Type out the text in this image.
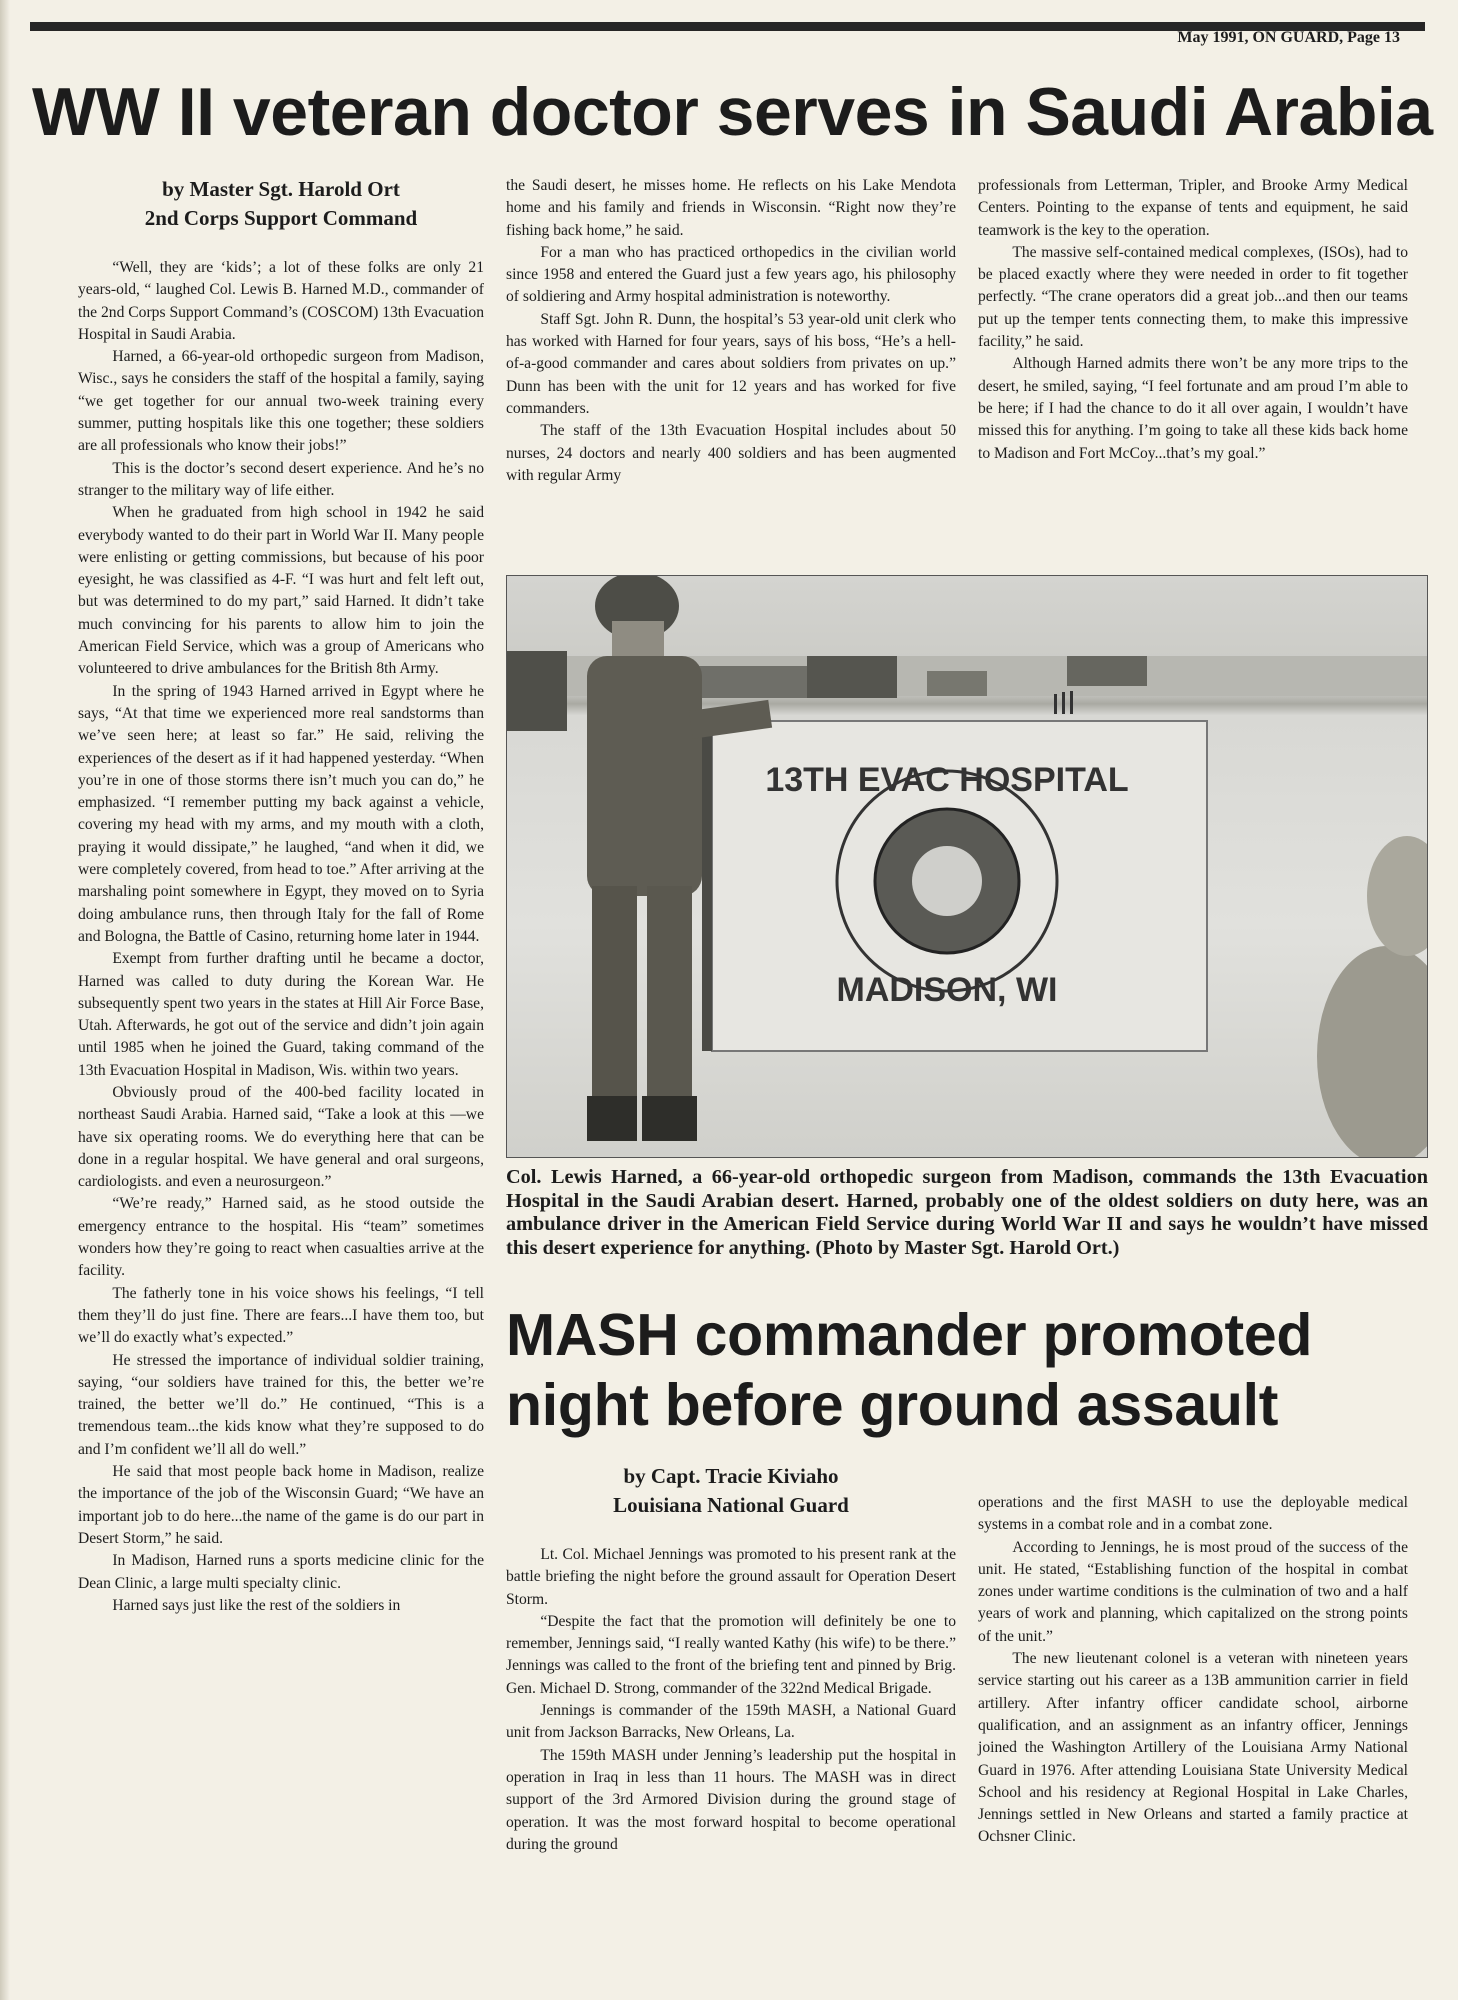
May 1991, ON GUARD, Page 13
WW II veteran doctor serves in Saudi Arabia
by Master Sgt. Harold Ort
2nd Corps Support Command

“Well, they are ‘kids’; a lot of these folks are only 21 years-old, “ laughed Col. Lewis B. Harned M.D., commander of the 2nd Corps Support Command’s (COSCOM) 13th Evacuation Hospital in Saudi Arabia.

Harned, a 66-year-old orthopedic surgeon from Madison, Wisc., says he considers the staff of the hospital a family, saying “we get together for our annual two-week training every summer, putting hospitals like this one together; these soldiers are all professionals who know their jobs!”

This is the doctor’s second desert experience. And he’s no stranger to the military way of life either.

When he graduated from high school in 1942 he said everybody wanted to do their part in World War II. Many people were enlisting or getting commissions, but because of his poor eyesight, he was classified as 4-F. “I was hurt and felt left out, but was determined to do my part,” said Harned. It didn’t take much convincing for his parents to allow him to join the American Field Service, which was a group of Americans who volunteered to drive ambulances for the British 8th Army.

In the spring of 1943 Harned arrived in Egypt where he says, “At that time we experienced more real sandstorms than we’ve seen here; at least so far.” He said, reliving the experiences of the desert as if it had happened yesterday. “When you’re in one of those storms there isn’t much you can do,” he emphasized. “I remember putting my back against a vehicle, covering my head with my arms, and my mouth with a cloth, praying it would dissipate,” he laughed, “and when it did, we were completely covered, from head to toe.” After arriving at the marshaling point somewhere in Egypt, they moved on to Syria doing ambulance runs, then through Italy for the fall of Rome and Bologna, the Battle of Casino, returning home later in 1944.

Exempt from further drafting until he became a doctor, Harned was called to duty during the Korean War. He subsequently spent two years in the states at Hill Air Force Base, Utah. Afterwards, he got out of the service and didn’t join again until 1985 when he joined the Guard, taking command of the 13th Evacuation Hospital in Madison, Wis. within two years.

Obviously proud of the 400-bed facility located in northeast Saudi Arabia. Harned said, “Take a look at this —we have six operating rooms. We do everything here that can be done in a regular hospital. We have general and oral surgeons, cardiologists. and even a neurosurgeon.”

“We’re ready,” Harned said, as he stood outside the emergency entrance to the hospital. His “team” sometimes wonders how they’re going to react when casualties arrive at the facility.

The fatherly tone in his voice shows his feelings, “I tell them they’ll do just fine. There are fears...I have them too, but we’ll do exactly what’s expected.”

He stressed the importance of individual soldier training, saying, “our soldiers have trained for this, the better we’re trained, the better we’ll do.” He continued, “This is a tremendous team...the kids know what they’re supposed to do and I’m confident we’ll all do well.”

He said that most people back home in Madison, realize the importance of the job of the Wisconsin Guard; “We have an important job to do here...the name of the game is do our part in Desert Storm,” he said.

In Madison, Harned runs a sports medicine clinic for the Dean Clinic, a large multi specialty clinic.

Harned says just like the rest of the soldiers in

the Saudi desert, he misses home. He reflects on his Lake Mendota home and his family and friends in Wisconsin. “Right now they’re fishing back home,” he said.

For a man who has practiced orthopedics in the civilian world since 1958 and entered the Guard just a few years ago, his philosophy of soldiering and Army hospital administration is noteworthy.

Staff Sgt. John R. Dunn, the hospital’s 53 year-old unit clerk who has worked with Harned for four years, says of his boss, “He’s a hell-of-a-good commander and cares about soldiers from privates on up.” Dunn has been with the unit for 12 years and has worked for five commanders.

The staff of the 13th Evacuation Hospital includes about 50 nurses, 24 doctors and nearly 400 soldiers and has been augmented with regular Army

professionals from Letterman, Tripler, and Brooke Army Medical Centers. Pointing to the expanse of tents and equipment, he said teamwork is the key to the operation.

The massive self-contained medical complexes, (ISOs), had to be placed exactly where they were needed in order to fit together perfectly. “The crane operators did a great job...and then our teams put up the temper tents connecting them, to make this impressive facility,” he said.

Although Harned admits there won’t be any more trips to the desert, he smiled, saying, “I feel fortunate and am proud I’m able to be here; if I had the chance to do it all over again, I wouldn’t have missed this for anything. I’m going to take all these kids back home to Madison and Fort McCoy...that’s my goal.”

13TH EVAC HOSPITAL
MADISON, WI
Col. Lewis Harned, a 66-year-old orthopedic surgeon from Madison, commands the 13th Evacuation Hospital in the Saudi Arabian desert. Harned, probably one of the oldest soldiers on duty here, was an ambulance driver in the American Field Service during World War II and says he wouldn’t have missed this desert experience for anything. (Photo by Master Sgt. Harold Ort.)
MASH commander promoted
night before ground assault
by Capt. Tracie Kiviaho
Louisiana National Guard

Lt. Col. Michael Jennings was promoted to his present rank at the battle briefing the night before the ground assault for Operation Desert Storm.

“Despite the fact that the promotion will definitely be one to remember, Jennings said, “I really wanted Kathy (his wife) to be there.” Jennings was called to the front of the briefing tent and pinned by Brig. Gen. Michael D. Strong, commander of the 322nd Medical Brigade.

Jennings is commander of the 159th MASH, a National Guard unit from Jackson Barracks, New Orleans, La.

The 159th MASH under Jenning’s leadership put the hospital in operation in Iraq in less than 11 hours. The MASH was in direct support of the 3rd Armored Division during the ground stage of operation. It was the most forward hospital to become operational during the ground

operations and the first MASH to use the deployable medical systems in a combat role and in a combat zone.

According to Jennings, he is most proud of the success of the unit. He stated, “Establishing function of the hospital in combat zones under wartime conditions is the culmination of two and a half years of work and planning, which capitalized on the strong points of the unit.”

The new lieutenant colonel is a veteran with nineteen years service starting out his career as a 13B ammunition carrier in field artillery. After infantry officer candidate school, airborne qualification, and an assignment as an infantry officer, Jennings joined the Washington Artillery of the Louisiana Army National Guard in 1976. After attending Louisiana State University Medical School and his residency at Regional Hospital in Lake Charles, Jennings settled in New Orleans and started a family practice at Ochsner Clinic.
